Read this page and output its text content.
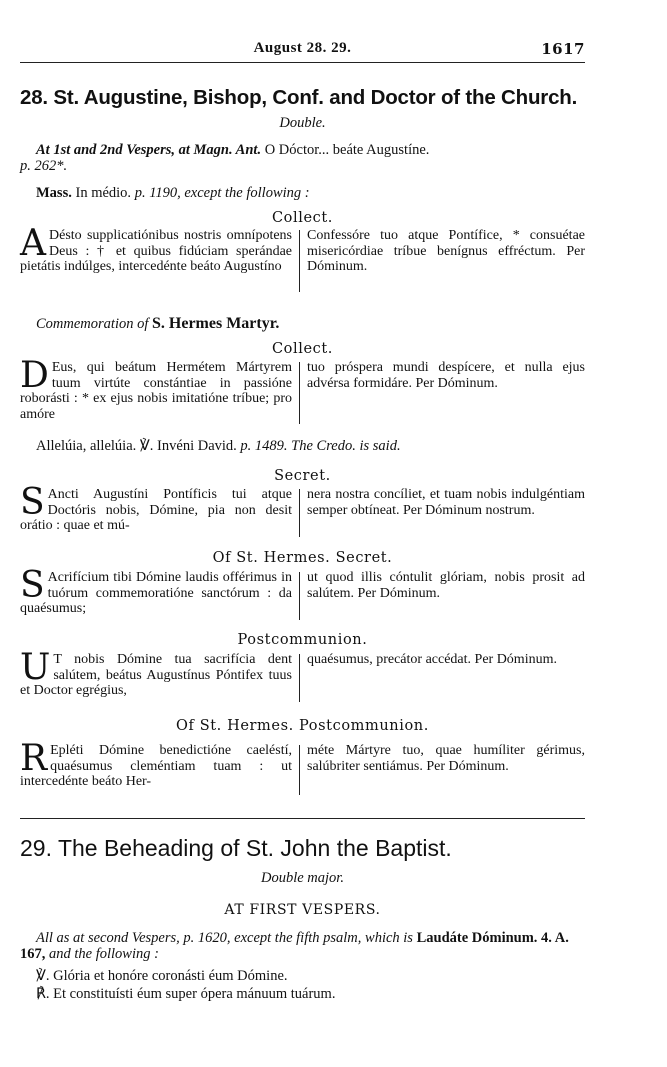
August 28. 29.	1617
28. St. Augustine, Bishop, Conf. and Doctor of the Church.
Double.
At 1st and 2nd Vespers, at Magn. Ant. O Dóctor... beáte Augustíne.
p. 262*.
Mass. In médio. p. 1190, except the following :
Collect.
A Désto supplicatiónibus nostris omnípotens Deus : † et quibus fidúciam sperándae pietátis indúlges, intercedénte beáto Augustíno
Confessóre tuo atque Pontífice, * consuétae misericórdiae tríbue benígnus effréctum. Per Dóminum.
Commemoration of S. Hermes Martyr.
Collect.
D Eus, qui beátum Hermétem Mártyrem tuum virtúte constántiae in passióne roborásti : * ex ejus nobis imitatióne tríbue; pro amóre
tuo próspera mundi despícere, et nulla ejus advérsa formidáre. Per Dóminum.
Allelúia, allelúia. ℣. Invéni David. p. 1489. The Credo. is said.
Secret.
S Ancti Augustíni Pontíficis tui atque Doctóris nobis, Dómine, pia non desit orátio : quae et mú-
nera nostra concíliet, et tuam nobis indulgéntiam semper obtíneat. Per Dóminum nostrum.
Of St. Hermes. Secret.
S Acrifícium tibi Dómine laudis offérimus in tuórum commemoratióne sanctórum : da quaésumus;
ut quod illis cóntulit glóriam, nobis prosit ad salútem. Per Dóminum.
Postcommunion.
U T nobis Dómine tua sacrifícia dent salútem, beátus Augustínus Póntifex tuus et Doctor egrégius,
quaésumus, precátor accédat. Per Dóminum.
Of St. Hermes. Postcommunion.
R Epléti Dómine benedictióne caeléstí, quaésumus cleméntiam tuam : ut intercedénte beáto Her-
méte Mártyre tuo, quae humíliter gérimus, salúbriter sentiámus. Per Dóminum.
29. The Beheading of St. John the Baptist.
Double major.
AT FIRST VESPERS.
All as at second Vespers, p. 1620, except the fifth psalm, which is Laudáte Dóminum. 4. A. 167, and the following :
℣. Glória et honóre coronásti éum Dómine.
℟. Et constituísti éum super ópera mánuum tuárum.
